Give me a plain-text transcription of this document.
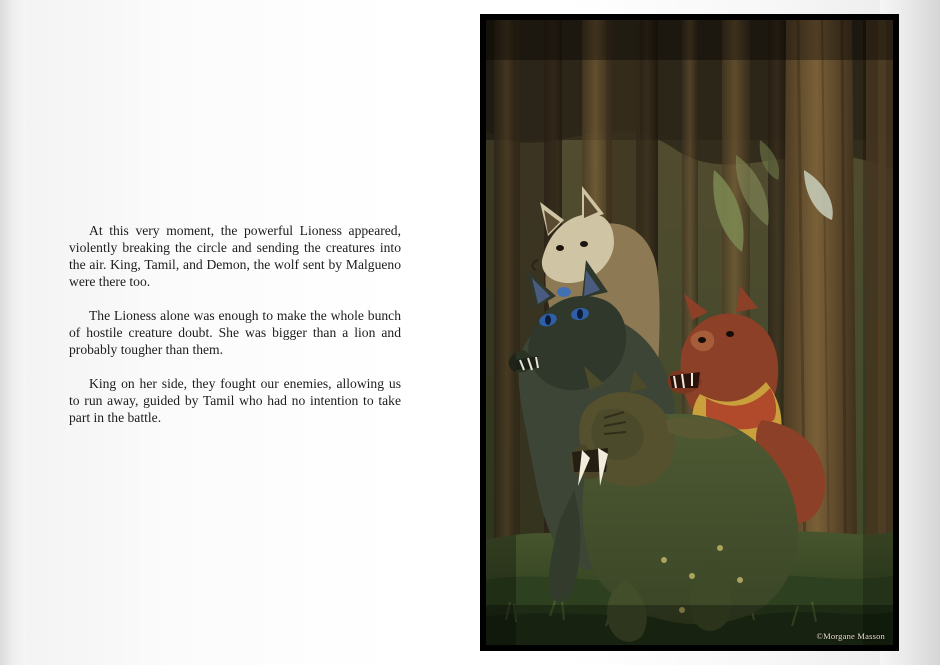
At this very moment, the powerful Lioness appeared, violently breaking the circle and sending the creatures into the air. King, Tamil, and Demon, the wolf sent by Malgueno were there too.

The Lioness alone was enough to make the whole bunch of hostile creature doubt. She was bigger than a lion and probably tougher than them.

King on her side, they fought our enemies, allowing us to run away, guided by Tamil who had no intention to take part in the battle.

©Morgane Masson
